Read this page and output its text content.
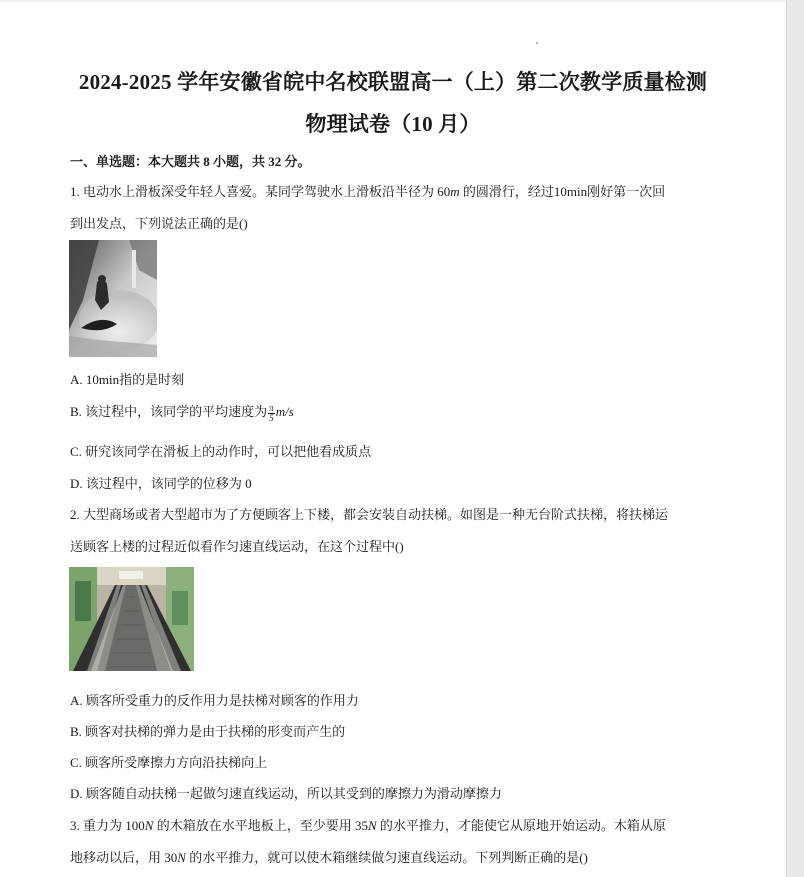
2024-2025 学年安徽省皖中名校联盟高一（上）第二次教学质量检测
物理试卷（10 月）
一、单选题：本大题共 8 小题，共 32 分。
1. 电动水上滑板深受年轻人喜爱。某同学驾驶水上滑板沿半径为 60m 的圆滑行，经过10min刚好第一次回
到出发点，下列说法正确的是()
A. 10min指的是时刻
B. 该过程中，该同学的平均速度为 $\frac{\pi}{5} m/s$
C. 研究该同学在滑板上的动作时，可以把他看成质点
D. 该过程中，该同学的位移为 0
2. 大型商场或者大型超市为了方便顾客上下楼，都会安装自动扶梯。如图是一种无台阶式扶梯，将扶梯运
送顾客上楼的过程近似看作匀速直线运动，在这个过程中()
A. 顾客所受重力的反作用力是扶梯对顾客的作用力
B. 顾客对扶梯的弹力是由于扶梯的形变而产生的
C. 顾客所受摩擦力方向沿扶梯向上
D. 顾客随自动扶梯一起做匀速直线运动，所以其受到的摩擦力为滑动摩擦力
3. 重力为 100N 的木箱放在水平地板上，至少要用 35N 的水平推力，才能使它从原地开始运动。木箱从原
地移动以后，用 30N 的水平推力，就可以使木箱继续做匀速直线运动。下列判断正确的是()
